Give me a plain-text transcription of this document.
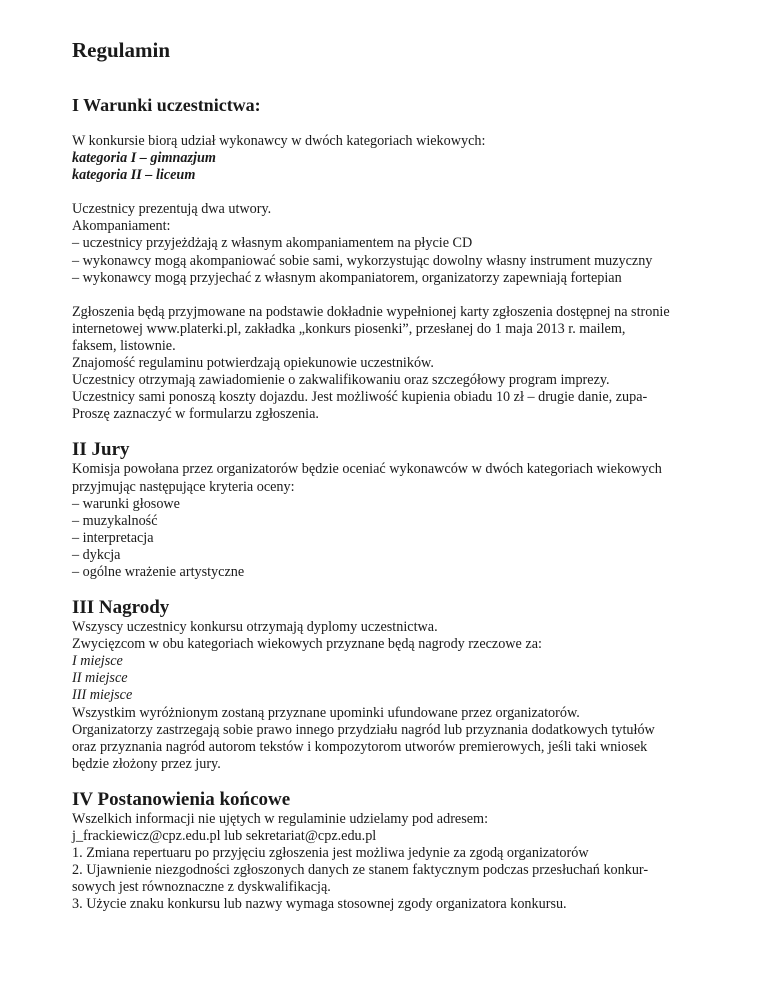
Regulamin
I Warunki uczestnictwa:

W konkursie biorą udział wykonawcy w dwóch kategoriach wiekowych:

kategoria I – gimnazjum

kategoria II – liceum

Uczestnicy prezentują dwa utwory.

Akompaniament:

– uczestnicy przyjeżdżają z własnym akompaniamentem na płycie CD

– wykonawcy mogą akompaniować sobie sami, wykorzystując dowolny własny instrument muzyczny

– wykonawcy mogą przyjechać z własnym akompaniatorem, organizatorzy zapewniają fortepian

Zgłoszenia będą przyjmowane na podstawie dokładnie wypełnionej karty zgłoszenia dostępnej na stronie

internetowej www.platerki.pl, zakładka „konkurs piosenki”, przesłanej do 1 maja 2013 r. mailem,

faksem, listownie.

Znajomość regulaminu potwierdzają opiekunowie uczestników.

Uczestnicy otrzymają zawiadomienie o zakwalifikowaniu oraz szczegółowy program imprezy.

Uczestnicy sami ponoszą koszty dojazdu. Jest możliwość kupienia obiadu 10 zł – drugie danie, zupa-

Proszę zaznaczyć w formularzu zgłoszenia.

II Jury

Komisja powołana przez organizatorów będzie oceniać wykonawców w dwóch kategoriach wiekowych

przyjmując następujące kryteria oceny:

– warunki głosowe

– muzykalność

– interpretacja

– dykcja

– ogólne wrażenie artystyczne

III Nagrody

Wszyscy uczestnicy konkursu otrzymają dyplomy uczestnictwa.

Zwycięzcom w obu kategoriach wiekowych przyznane będą nagrody rzeczowe za:

I miejsce

II miejsce

III miejsce

Wszystkim wyróżnionym zostaną przyznane upominki ufundowane przez organizatorów.

Organizatorzy zastrzegają sobie prawo innego przydziału nagród lub przyznania dodatkowych tytułów

oraz przyznania nagród autorom tekstów i kompozytorom utworów premierowych, jeśli taki wniosek

będzie złożony przez jury.

IV Postanowienia końcowe

Wszelkich informacji nie ujętych w regulaminie udzielamy pod adresem:

j_frackiewicz@cpz.edu.pl lub sekretariat@cpz.edu.pl

1. Zmiana repertuaru po przyjęciu zgłoszenia jest możliwa jedynie za zgodą organizatorów

2. Ujawnienie niezgodności zgłoszonych danych ze stanem faktycznym podczas przesłuchań konkur-

sowych jest równoznaczne z dyskwalifikacją.

3. Użycie znaku konkursu lub nazwy wymaga stosownej zgody organizatora konkursu.
